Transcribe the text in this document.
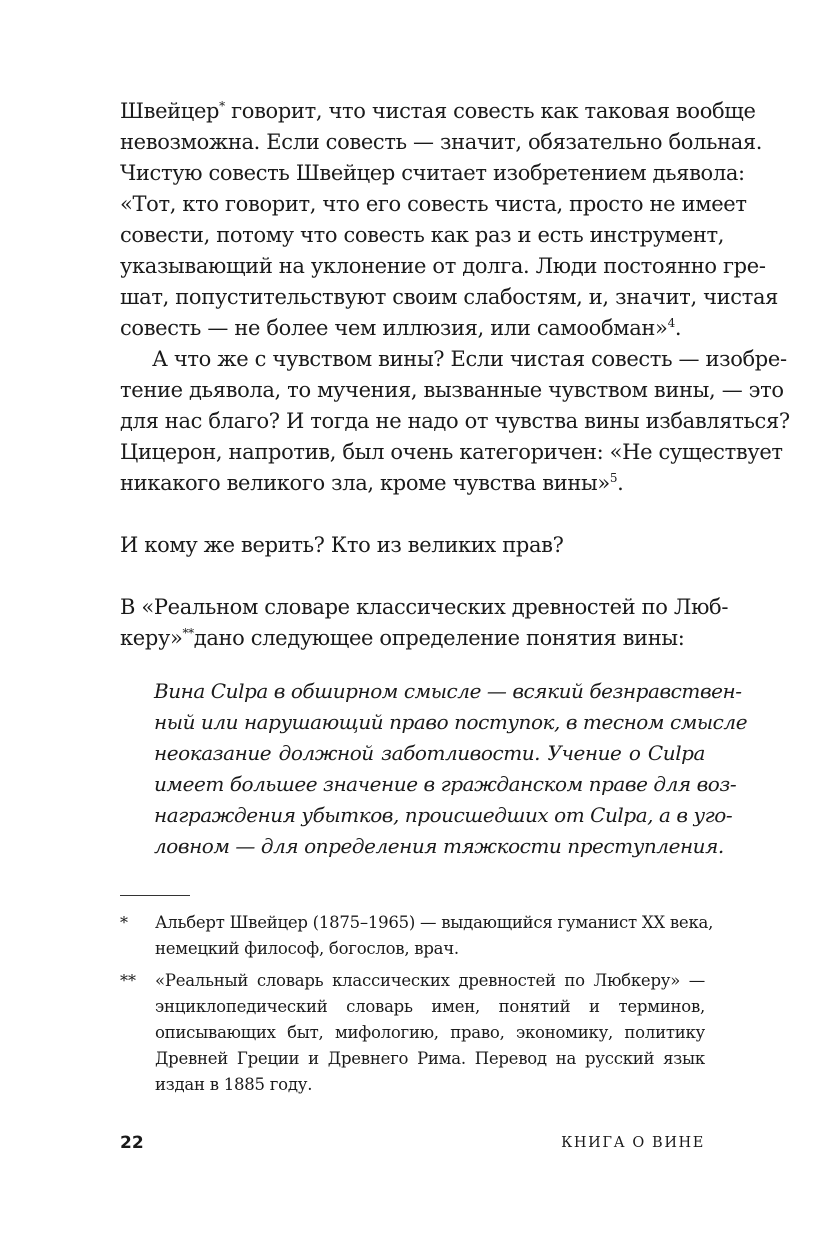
Швейцер* говорит, что чистая совесть как таковая вообще
невозможна. Если совесть — значит, обязательно больная.
Чистую совесть Швейцер считает изобретением дьявола:
«Тот, кто говорит, что его совесть чиста, просто не имеет
совести, потому что совесть как раз и есть инструмент,
указывающий на уклонение от долга. Люди постоянно гре-
шат, попустительствуют своим слабостям, и, значит, чистая
совесть — не более чем иллюзия, или самообман»$^4$.
А что же с чувством вины? Если чистая совесть — изобре-
тение дьявола, то мучения, вызванные чувством вины, — это
для нас благо? И тогда не надо от чувства вины избавляться?
Цицерон, напротив, был очень категоричен: «Не существует
никакого великого зла, кроме чувства вины»$^5$.
И кому же верить? Кто из великих прав?
В «Реальном словаре классических древностей по Люб-
керу»**дано следующее определение понятия вины:
Вина Culpa в обширном смысле — всякий безнравствен-
ный или нарушающий право поступок, в тесном смысле
неоказание должной заботливости. Учение о Culpa
имеет большее значение в гражданском праве для воз-
награждения убытков, происшедших от Culpa, а в уго-
ловном — для определения тяжкости преступления.
* Альберт Швейцер (1875–1965) — выдающийся гуманист XX века,
немецкий философ, богослов, врач.
** «Реальный словарь классических древностей по Любкеру» —
энциклопедический словарь имен, понятий и терминов,
описывающих быт, мифологию, право, экономику, политику
Древней Греции и Древнего Рима. Перевод на русский язык
издан в 1885 году.
22	КНИГА О ВИНЕ
